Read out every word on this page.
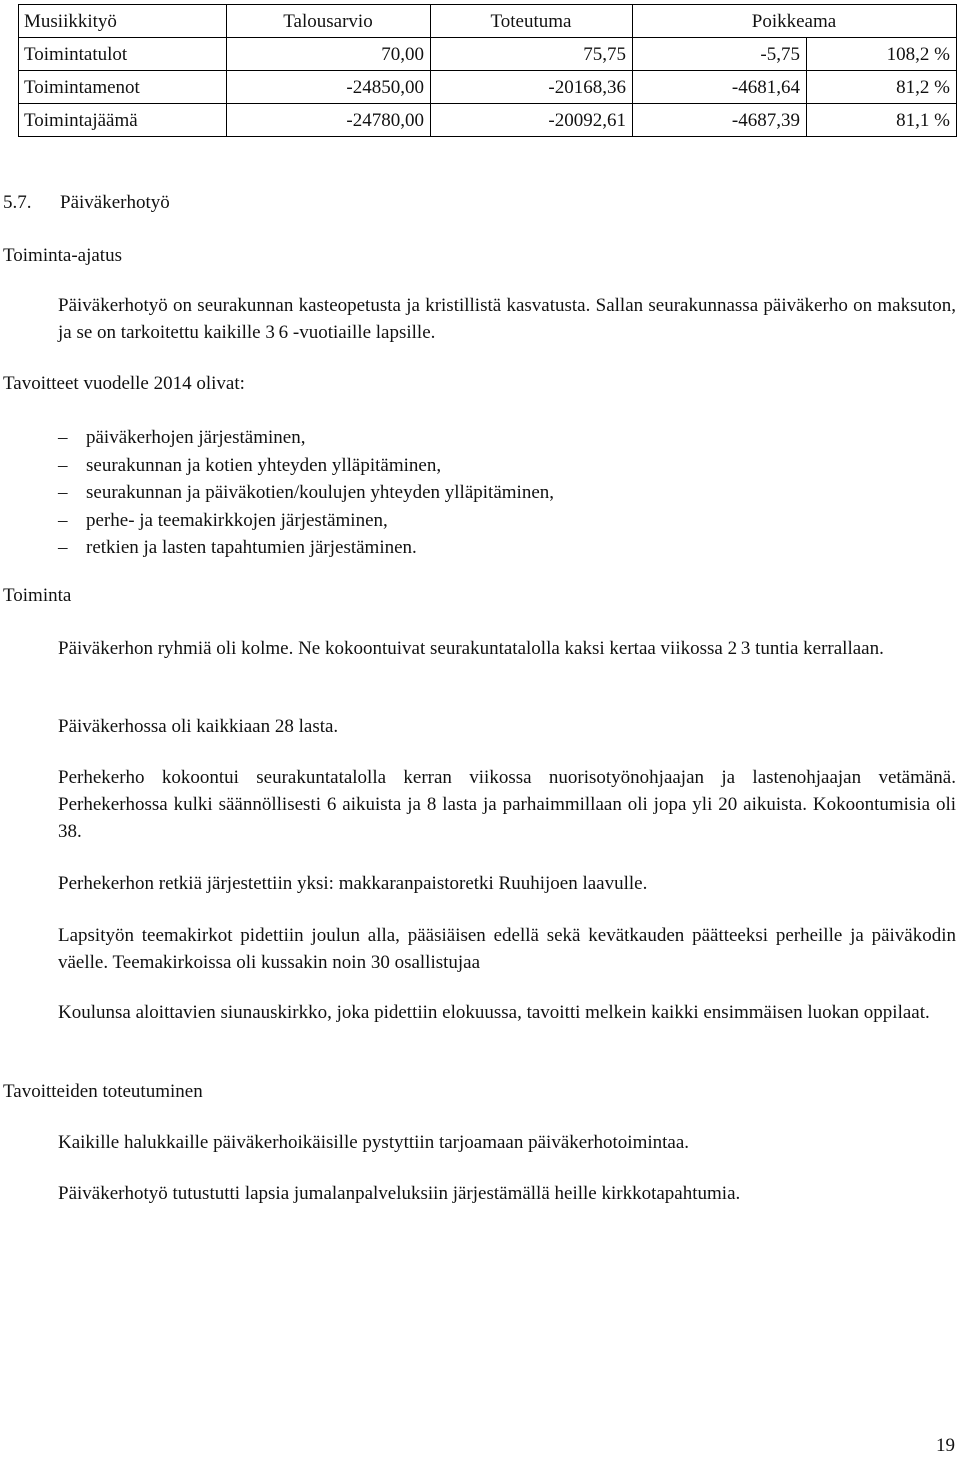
Musiikkityö	Talousarvio	Toteutuma	Poikkeama	
Toimintatulot	70,00	75,75	-5,75	108,2 %
Toimintamenot	-24850,00	-20168,36	-4681,64	81,2 %
Toimintajäämä	-24780,00	-20092,61	-4687,39	81,1 %
5.7. Päiväkerhotyö
Toiminta-ajatus

Päiväkerhotyö on seurakunnan kasteopetusta ja kristillistä kasvatusta. Sallan seurakunnassa päiväkerho on maksuton, ja se on tarkoitettu kaikille 3 6 -vuotiaille lapsille.

Tavoitteet vuodelle 2014 olivat:
– päiväkerhojen järjestäminen,
– seurakunnan ja kotien yhteyden ylläpitäminen,
– seurakunnan ja päiväkotien/koulujen yhteyden ylläpitäminen,
– perhe- ja teemakirkkojen järjestäminen,
– retkien ja lasten tapahtumien järjestäminen.
Toiminta

Päiväkerhon ryhmiä oli kolme. Ne kokoontuivat seurakuntatalolla kaksi kertaa viikossa 2 3 tuntia kerrallaan.

Päiväkerhossa oli kaikkiaan 28 lasta.

Perhekerho kokoontui seurakuntatalolla kerran viikossa nuorisotyönohjaajan ja lastenohjaajan vetämänä. Perhekerhossa kulki säännöllisesti 6 aikuista ja 8 lasta ja parhaimmillaan oli jopa yli 20 aikuista. Kokoontumisia oli 38.

Perhekerhon retkiä järjestettiin yksi: makkaranpaistoretki Ruuhijoen laavulle.

Lapsityön teemakirkot pidettiin joulun alla, pääsiäisen edellä sekä kevätkauden päätteeksi perheille ja päiväkodin väelle. Teemakirkoissa oli kussakin noin 30 osallistujaa

Koulunsa aloittavien siunauskirkko, joka pidettiin elokuussa, tavoitti melkein kaikki ensimmäisen luokan oppilaat.

Tavoitteiden toteutuminen

Kaikille halukkaille päiväkerhoikäisille pystyttiin tarjoamaan päiväkerhotoimintaa.

Päiväkerhotyö tutustutti lapsia jumalanpalveluksiin järjestämällä heille kirkkotapahtumia.

19
